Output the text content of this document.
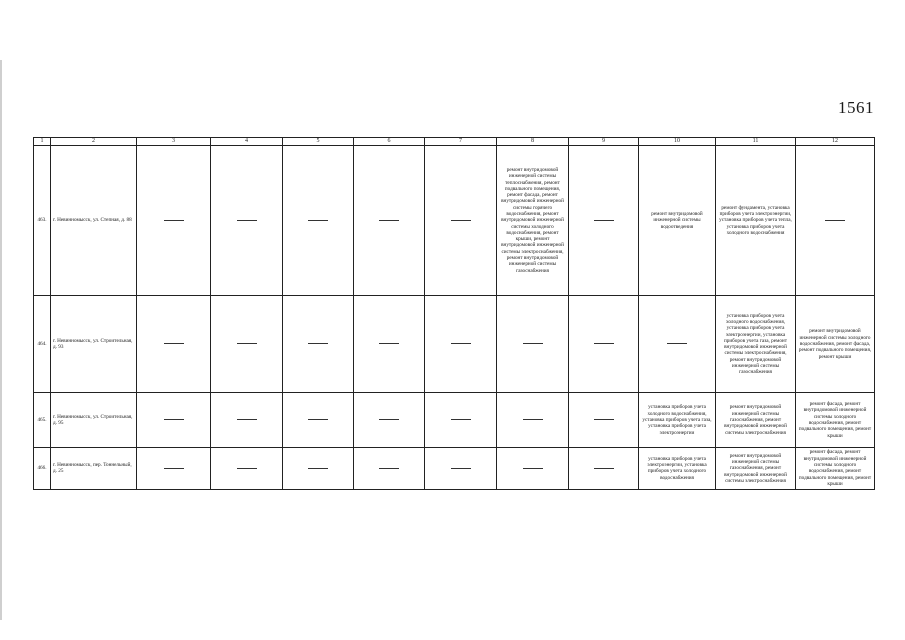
1561
1	2	3	4	5	6	7	8	9	10	11	12
463.	г. Невинномысск, ул. Степная, д. 88						ремонт внутридомовой инженерной системы теплоснабжения, ремонт подвального помещения, ремонт фасада, ремонт внутридомовой инженерной системы горячего водоснабжения, ремонт внутридомовой инженерной системы холодного водоснабжения, ремонт крыши, ремонт внутридомовой инженерной системы электроснабжения, ремонт внутридомовой инженерной системы газоснабжения		ремонт внутридомовой инженерной системы водоотведения	ремонт фундамента, установка приборов учета электроэнергии, установка приборов учета тепла, установка приборов учета холодного водоснабжения	
464.	г. Невинномысск, ул. Строительная, д. 93									установка приборов учета холодного водоснабжения, установка приборов учета электроэнергии, установка приборов учета газа, ремонт внутридомовой инженерной системы электроснабжения, ремонт внутридомовой инженерной системы газоснабжения	ремонт внутридомовой инженерной системы холодного водоснабжения, ремонт фасада, ремонт подвального помещения, ремонт крыши
465.	г. Невинномысск, ул. Строительная, д. 95								установка приборов учета холодного водоснабжения, установка приборов учета газа, установка приборов учета электроэнергии	ремонт внутридомовой инженерной системы газоснабжения, ремонт внутридомовой инженерной системы электроснабжения	ремонт фасада, ремонт внутридомовой инженерной системы холодного водоснабжения, ремонт подвального помещения, ремонт крыши
466.	г. Невинномысск, пер. Тоннельный, д. 25								установка приборов учета электроэнергии, установка приборов учета холодного водоснабжения	ремонт внутридомовой инженерной системы газоснабжения, ремонт внутридомовой инженерной системы электроснабжения	ремонт фасада, ремонт внутридомовой инженерной системы холодного водоснабжения, ремонт подвального помещения, ремонт крыши
